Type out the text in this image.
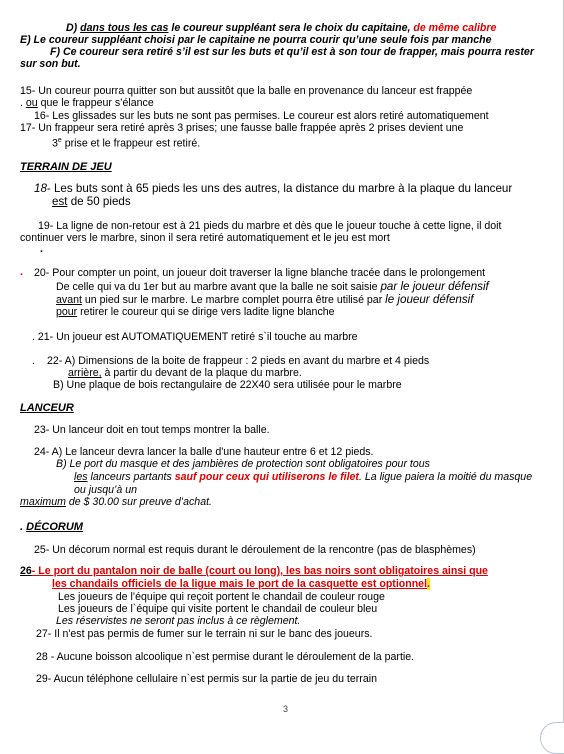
D) dans tous les cas le coureur suppléant sera le choix du capitaine, de même calibre
E) Le coureur suppléant choisi par le capitaine ne pourra courir qu’une seule fois par manche
F) Ce coureur sera retiré s’il est sur les buts et qu’il est à son tour de frapper, mais pourra rester
sur son but.
15- Un coureur pourra quitter son but aussitôt que la balle en provenance du lanceur est frappée
. ou que le frappeur s’élance
16- Les glissades sur les buts ne sont pas permises. Le coureur est alors retiré automatiquement
17- Un frappeur sera retiré après 3 prises; une fausse balle frappée après 2 prises devient une
3e prise et le frappeur est retiré.
TERRAIN DE JEU
18- Les buts sont à 65 pieds les uns des autres, la distance du marbre à la plaque du lanceur
est de 50 pieds
19- La ligne de non-retour est à 21 pieds du marbre et dès que le joueur touche à cette ligne, il doit
continuer vers le marbre, sinon il sera retiré automatiquement et le jeu est mort
.
. 20- Pour compter un point, un joueur doit traverser la ligne blanche tracée dans le prolongement
De celle qui va du 1er but au marbre avant que la balle ne soit saisie par le joueur défensif
avant un pied sur le marbre. Le marbre complet pourra être utilisé par le joueur défensif
pour retirer le coureur qui se dirige vers ladite ligne blanche
. 21- Un joueur est AUTOMATIQUEMENT retiré s`il touche au marbre
. 22- A) Dimensions de la boite de frappeur : 2 pieds en avant du marbre et 4 pieds
arrière, à partir du devant de la plaque du marbre.
B) Une plaque de bois rectangulaire de 22X40 sera utilisée pour le marbre
LANCEUR
23- Un lanceur doit en tout temps montrer la balle.
24- A) Le lanceur devra lancer la balle d'une hauteur entre 6 et 12 pieds.
B) Le port du masque et des jambières de protection sont obligatoires pour tous
les lanceurs partants sauf pour ceux qui utiliserons le filet. La ligue paiera la moitié du masque
ou jusqu’à un
maximum de $ 30.00 sur preuve d’achat.
. DÉCORUM
25- Un décorum normal est requis durant le déroulement de la rencontre (pas de blasphèmes)
26- Le port du pantalon noir de balle (court ou long), les bas noirs sont obligatoires ainsi que
les chandails officiels de la ligue mais le port de la casquette est optionnel.
Les joueurs de l’équipe qui reçoit portent le chandail de couleur rouge
Les joueurs de l`équipe qui visite portent le chandail de couleur bleu
Les réservistes ne seront pas inclus à ce règlement.
27- Il n'est pas permis de fumer sur le terrain ni sur le banc des joueurs.
28 - Aucune boisson alcoolique n`est permise durant le déroulement de la partie.
29- Aucun téléphone cellulaire n`est permis sur la partie de jeu du terrain
3
